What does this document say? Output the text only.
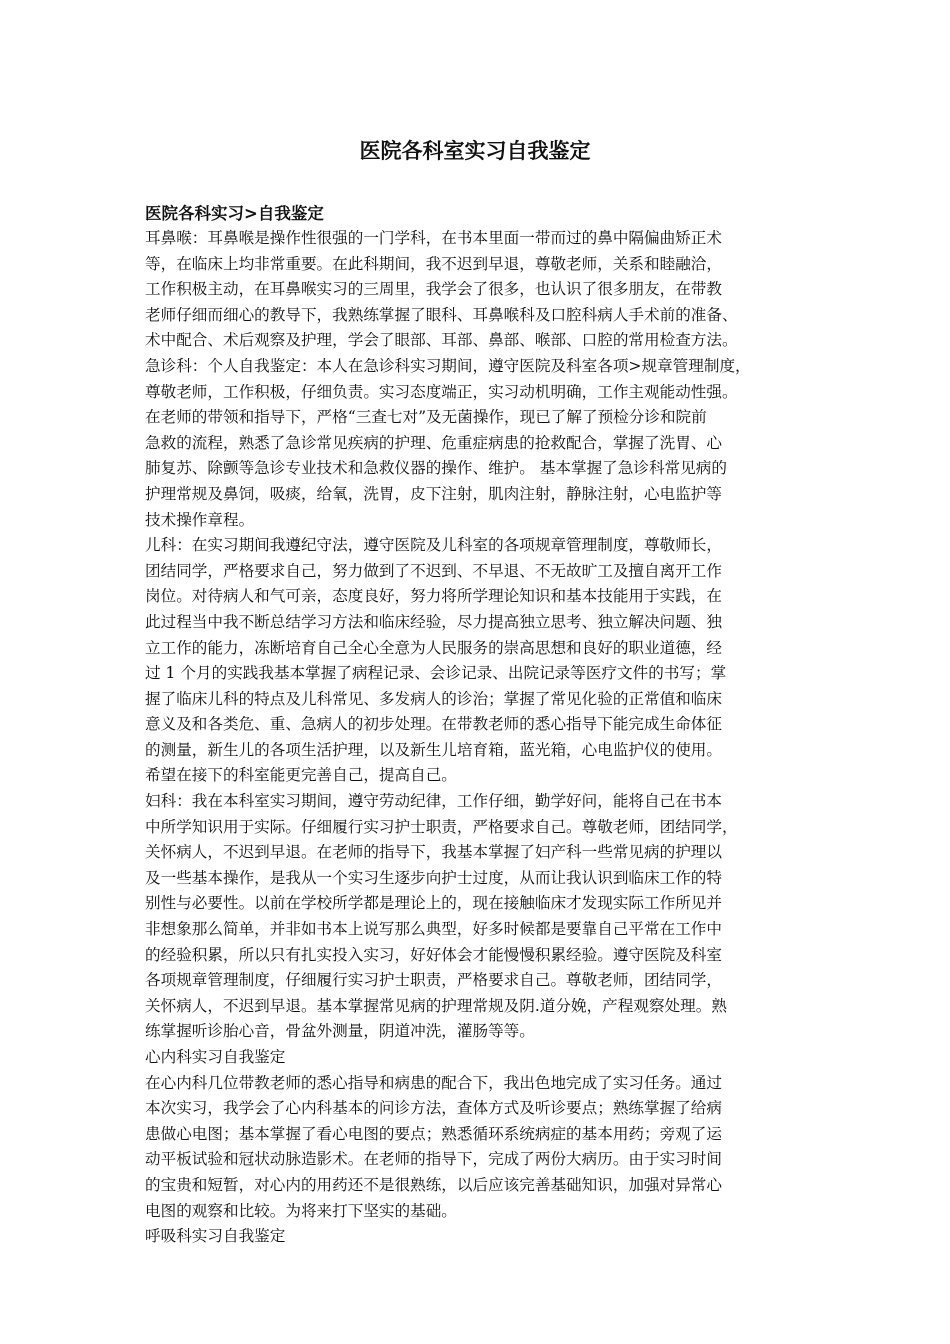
医院各科室实习自我鉴定
医院各科实习>自我鉴定
耳鼻喉：耳鼻喉是操作性很强的一门学科，在书本里面一带而过的鼻中隔偏曲矫正术
等，在临床上均非常重要。在此科期间，我不迟到早退，尊敬老师，关系和睦融洽，
工作积极主动，在耳鼻喉实习的三周里，我学会了很多，也认识了很多朋友，在带教
老师仔细而细心的教导下，我熟练掌握了眼科、耳鼻喉科及口腔科病人手术前的准备、
术中配合、术后观察及护理，学会了眼部、耳部、鼻部、喉部、口腔的常用检查方法。
急诊科：个人自我鉴定：本人在急诊科实习期间，遵守医院及科室各项>规章管理制度，
尊敬老师，工作积极，仔细负责。实习态度端正，实习动机明确，工作主观能动性强。
在老师的带领和指导下，严格“三查七对”及无菌操作，现已了解了预检分诊和院前
急救的流程，熟悉了急诊常见疾病的护理、危重症病患的抢救配合，掌握了洗胃、心
肺复苏、除颤等急诊专业技术和急救仪器的操作、维护。 基本掌握了急诊科常见病的
护理常规及鼻饲，吸痰，给氧，洗胃，皮下注射，肌肉注射，静脉注射，心电监护等
技术操作章程。
儿科：在实习期间我遵纪守法，遵守医院及儿科室的各项规章管理制度，尊敬师长，
团结同学，严格要求自己，努力做到了不迟到、不早退、不无故旷工及擅自离开工作
岗位。对待病人和气可亲，态度良好，努力将所学理论知识和基本技能用于实践，在
此过程当中我不断总结学习方法和临床经验，尽力提高独立思考、独立解决问题、独
立工作的能力，冻断培育自己全心全意为人民服务的崇高思想和良好的职业道德，经
过 1 个月的实践我基本掌握了病程记录、会诊记录、出院记录等医疗文件的书写；掌
握了临床儿科的特点及儿科常见、多发病人的诊治；掌握了常见化验的正常值和临床
意义及和各类危、重、急病人的初步处理。在带教老师的悉心指导下能完成生命体征
的测量，新生儿的各项生活护理，以及新生儿培育箱，蓝光箱，心电监护仪的使用。
希望在接下的科室能更完善自己，提高自己。
妇科：我在本科室实习期间，遵守劳动纪律，工作仔细，勤学好问，能将自己在书本
中所学知识用于实际。仔细履行实习护士职责，严格要求自己。尊敬老师，团结同学，
关怀病人，不迟到早退。在老师的指导下，我基本掌握了妇产科一些常见病的护理以
及一些基本操作，是我从一个实习生逐步向护士过度，从而让我认识到临床工作的特
别性与必要性。以前在学校所学都是理论上的，现在接触临床才发现实际工作所见并
非想象那么简单，并非如书本上说写那么典型，好多时候都是要靠自己平常在工作中
的经验积累，所以只有扎实投入实习，好好体会才能慢慢积累经验。遵守医院及科室
各项规章管理制度，仔细履行实习护士职责，严格要求自己。尊敬老师，团结同学，
关怀病人，不迟到早退。基本掌握常见病的护理常规及阴.道分娩，产程观察处理。熟
练掌握听诊胎心音，骨盆外测量，阴道冲洗，灌肠等等。
心内科实习自我鉴定
在心内科几位带教老师的悉心指导和病患的配合下，我出色地完成了实习任务。通过
本次实习，我学会了心内科基本的问诊方法，查体方式及听诊要点；熟练掌握了给病
患做心电图；基本掌握了看心电图的要点；熟悉循环系统病症的基本用药；旁观了运
动平板试验和冠状动脉造影术。在老师的指导下，完成了两份大病历。由于实习时间
的宝贵和短暂，对心内的用药还不是很熟练，以后应该完善基础知识，加强对异常心
电图的观察和比较。为将来打下坚实的基础。
呼吸科实习自我鉴定
